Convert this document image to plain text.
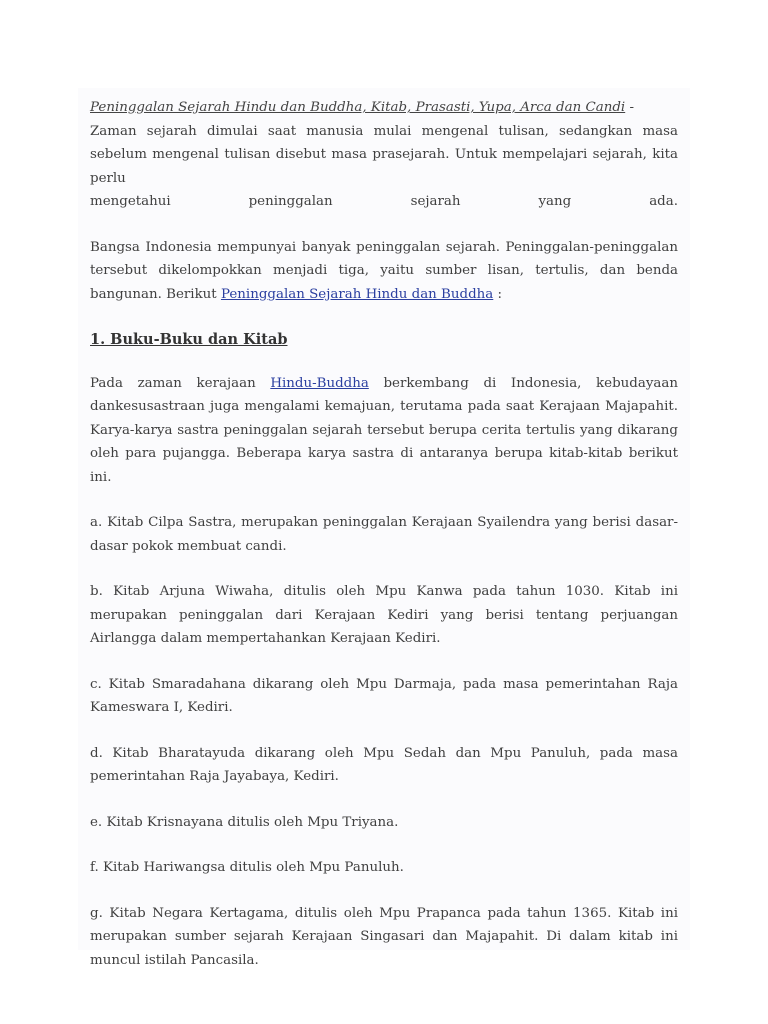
Peninggalan Sejarah Hindu dan Buddha, Kitab, Prasasti, Yupa, Arca dan Candi -
Zaman sejarah dimulai saat manusia mulai mengenal tulisan, sedangkan masa sebelum mengenal tulisan disebut masa prasejarah. Untuk mempelajari sejarah, kita perlu

mengetahui peninggalan sejarah yang ada.

Bangsa Indonesia mempunyai banyak peninggalan sejarah. Peninggalan-peninggalan tersebut dikelompokkan menjadi tiga, yaitu sumber lisan, tertulis, dan benda bangunan. Berikut Peninggalan Sejarah Hindu dan Buddha :

1. Buku-Buku dan Kitab

Pada zaman kerajaan Hindu-Buddha berkembang di Indonesia, kebudayaan dankesusastraan juga mengalami kemajuan, terutama pada saat Kerajaan Majapahit. Karya-karya sastra peninggalan sejarah tersebut berupa cerita tertulis yang dikarang oleh para pujangga. Beberapa karya sastra di antaranya berupa kitab-kitab berikut ini.

a. Kitab Cilpa Sastra, merupakan peninggalan Kerajaan Syailendra yang berisi dasar-dasar pokok membuat candi.

b. Kitab Arjuna Wiwaha, ditulis oleh Mpu Kanwa pada tahun 1030. Kitab ini merupakan peninggalan dari Kerajaan Kediri yang berisi tentang perjuangan Airlangga dalam mempertahankan Kerajaan Kediri.

c. Kitab Smaradahana dikarang oleh Mpu Darmaja, pada masa pemerintahan Raja Kameswara I, Kediri.

d. Kitab Bharatayuda dikarang oleh Mpu Sedah dan Mpu Panuluh, pada masa pemerintahan Raja Jayabaya, Kediri.

e. Kitab Krisnayana ditulis oleh Mpu Triyana.

f. Kitab Hariwangsa ditulis oleh Mpu Panuluh.

g. Kitab Negara Kertagama, ditulis oleh Mpu Prapanca pada tahun 1365. Kitab ini merupakan sumber sejarah Kerajaan Singasari dan Majapahit. Di dalam kitab ini muncul istilah Pancasila.
